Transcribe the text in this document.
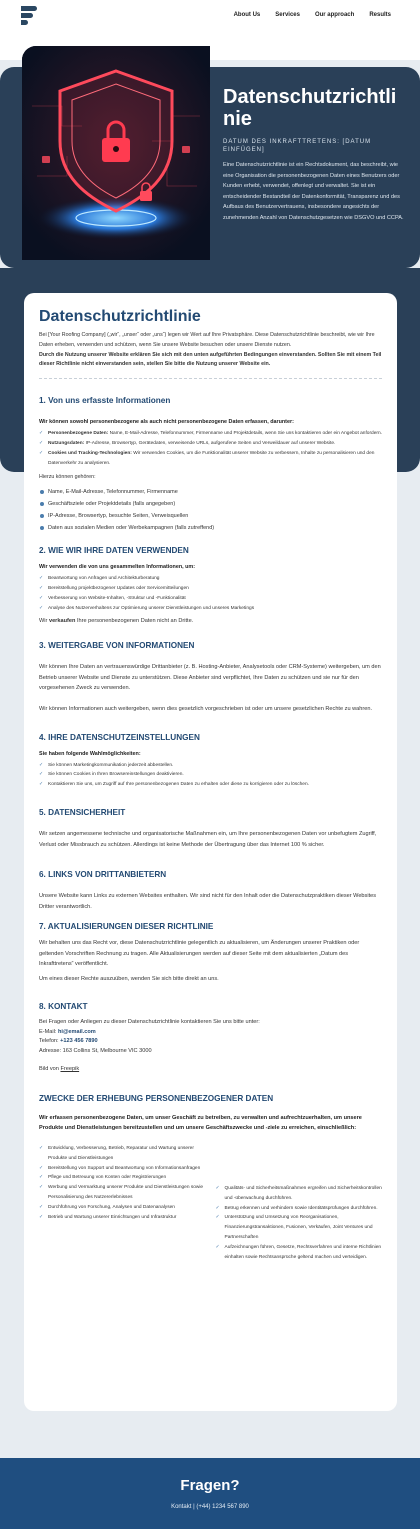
About Us	Services	Our approach	Results
Datenschutzrichtlinie
DATUM DES INKRAFTTRETENS: [DATUM EINFÜGEN]
Eine Datenschutzrichtlinie ist ein Rechtsdokument, das beschreibt, wie eine Organisation die personenbezogenen Daten eines Benutzers oder Kunden erhebt, verwendet, offenlegt und verwaltet. Sie ist ein entscheidender Bestandteil der Datenkonformität, Transparenz und des Aufbaus des Benutzervertrauens, insbesondere angesichts der zunehmenden Anzahl von Datenschutzgesetzen wie DSGVO und CCPA.
Datenschutzrichtlinie

Bei [Your Roofing Company] („wir“, „unser“ oder „uns“) legen wir Wert auf Ihre Privatsphäre. Diese Datenschutzrichtlinie beschreibt, wie wir Ihre Daten erheben, verwenden und schützen, wenn Sie unsere Website besuchen oder unsere Dienste nutzen.

Durch die Nutzung unserer Website erklären Sie sich mit den unten aufgeführten Bedingungen einverstanden. Sollten Sie mit einem Teil dieser Richtlinie nicht einverstanden sein, stellen Sie bitte die Nutzung unserer Website ein.

1. Von uns erfasste Informationen

Wir können sowohl personenbezogene als auch nicht personenbezogene Daten erfassen, darunter:

✓ Personenbezogene Daten: Name, E-Mail-Adresse, Telefonnummer, Firmenname und Projektdetails, wenn Sie uns kontaktieren oder ein Angebot anfordern.
✓ Nutzungsdaten: IP-Adresse, Browsertyp, Gerätedaten, verweisende URLs, aufgerufene Seiten und Verweildauer auf unserer Website.
✓ Cookies und Tracking-Technologien: Wir verwenden Cookies, um die Funktionalität unserer Website zu verbessern, Inhalte zu personalisieren und den Datenverkehr zu analysieren.

Hierzu können gehören:

Name, E-Mail-Adresse, Telefonnummer, Firmenname
Geschäftsziele oder Projektdetails (falls angegeben)
IP-Adresse, Browsertyp, besuchte Seiten, Verweisquellen
Daten aus sozialen Medien oder Werbekampagnen (falls zutreffend)
2. WIE WIR IHRE DATEN VERWENDEN

Wir verwenden die von uns gesammelten Informationen, um:

✓ Beantwortung von Anfragen und Architekturberatung
✓ Bereitstellung projektbezogener Updates oder Servicemitteilungen
✓ Verbesserung von Website-Inhalten, -Struktur und -Funktionalität
✓ Analyse des Nutzerverhaltens zur Optimierung unserer Dienstleistungen und unseres Marketings

Wir verkaufen Ihre personenbezogenen Daten nicht an Dritte.

3. WEITERGABE VON INFORMATIONEN

Wir können Ihre Daten an vertrauenswürdige Drittanbieter (z. B. Hosting-Anbieter, Analysetools oder CRM-Systeme) weitergeben, um den Betrieb unserer Website und Dienste zu unterstützen. Diese Anbieter sind verpflichtet, Ihre Daten zu schützen und sie nur für den vorgesehenen Zweck zu verwenden.

Wir können Informationen auch weitergeben, wenn dies gesetzlich vorgeschrieben ist oder um unsere gesetzlichen Rechte zu wahren.

4. IHRE DATENSCHUTZEINSTELLUNGEN

Sie haben folgende Wahlmöglichkeiten:

✓ Sie können Marketingkommunikation jederzeit abbestellen.
✓ Sie können Cookies in Ihren Browsereinstellungen deaktivieren.
✓ Kontaktieren Sie uns, um Zugriff auf Ihre personenbezogenen Daten zu erhalten oder diese zu korrigieren oder zu löschen.
5. DATENSICHERHEIT

Wir setzen angemessene technische und organisatorische Maßnahmen ein, um Ihre personenbezogenen Daten vor unbefugtem Zugriff, Verlust oder Missbrauch zu schützen. Allerdings ist keine Methode der Übertragung über das Internet 100 % sicher.

6. LINKS VON DRITTANBIETERN

Unsere Website kann Links zu externen Websites enthalten. Wir sind nicht für den Inhalt oder die Datenschutzpraktiken dieser Websites Dritter verantwortlich.

7. AKTUALISIERUNGEN DIESER RICHTLINIE

Wir behalten uns das Recht vor, diese Datenschutzrichtlinie gelegentlich zu aktualisieren, um Änderungen unserer Praktiken oder geltenden Vorschriften Rechnung zu tragen. Alle Aktualisierungen werden auf dieser Seite mit dem aktualisierten „Datum des Inkrafttretens“ veröffentlicht.

Um eines dieser Rechte auszuüben, wenden Sie sich bitte direkt an uns.

8. KONTAKT

Bei Fragen oder Anliegen zu dieser Datenschutzrichtlinie kontaktieren Sie uns bitte unter:

E-Mail: hi@email.com

Telefon: +123 456 7890

Adresse: 163 Collins St, Melbourne VIC 3000

Bild von Freepik

ZWECKE DER ERHEBUNG PERSONENBEZOGENER DATEN

Wir erfassen personenbezogene Daten, um unser Geschäft zu betreiben, zu verwalten und aufrechtzuerhalten, um unsere Produkte und Dienstleistungen bereitzustellen und um unsere Geschäftszwecke und -ziele zu erreichen, einschließlich:

✓ Entwicklung, Verbesserung, Betrieb, Reparatur und Wartung unserer Produkte und Dienstleistungen
✓ Bereitstellung von Support und Beantwortung von Informationsanfragen
✓ Pflege und Betreuung von Konten oder Registrierungen
✓ Werbung und Vermarktung unserer Produkte und Dienstleistungen sowie Personalisierung des Nutzererlebnisses
✓ Durchführung von Forschung, Analysen und Datenanalysen
✓ Betrieb und Wartung unserer Einrichtungen und Infrastruktur
✓ Qualitäts- und Sicherheitsmaßnahmen ergreifen und Sicherheitskontrollen und -überwachung durchführen.
✓ Betrug erkennen und verhindern sowie Identitätsprüfungen durchführen.
✓ Unterstützung und Umsetzung von Reorganisationen, Finanzierungstransaktionen, Fusionen, Verkäufen, Joint Ventures und Partnerschaften
✓ Aufzeichnungen führen, Gesetze, Rechtsverfahren und interne Richtlinien einhalten sowie Rechtsansprüche geltend machen und verteidigen.
Fragen?
Kontakt | (+44) 1234 567 890
